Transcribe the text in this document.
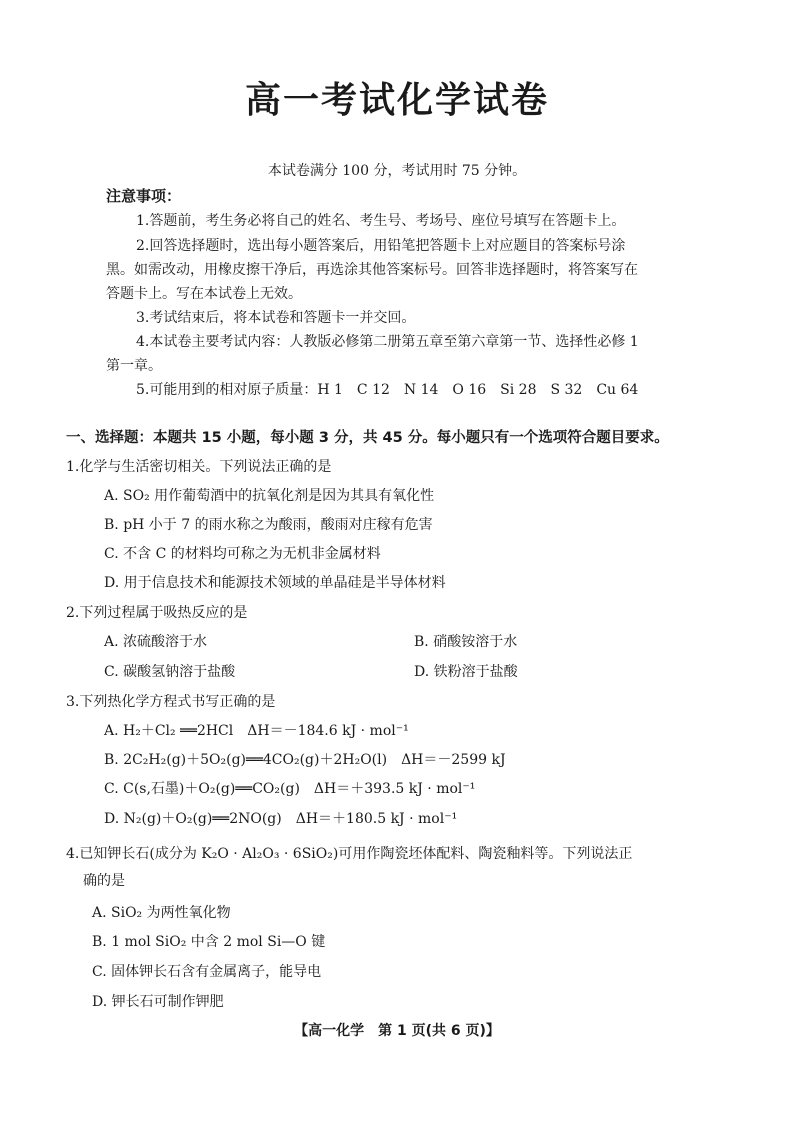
高一考试化学试卷
本试卷满分 100 分，考试用时 75 分钟。
注意事项：
1.答题前，考生务必将自己的姓名、考生号、考场号、座位号填写在答题卡上。
2.回答选择题时，选出每小题答案后，用铅笔把答题卡上对应题目的答案标号涂
黑。如需改动，用橡皮擦干净后，再选涂其他答案标号。回答非选择题时，将答案写在
答题卡上。写在本试卷上无效。
3.考试结束后，将本试卷和答题卡一并交回。
4.本试卷主要考试内容：人教版必修第二册第五章至第六章第一节、选择性必修 1
第一章。
5.可能用到的相对原子质量：H 1　C 12　N 14　O 16　Si 28　S 32　Cu 64
一、选择题：本题共 15 小题，每小题 3 分，共 45 分。每小题只有一个选项符合题目要求。
1.化学与生活密切相关。下列说法正确的是
A. SO₂ 用作葡萄酒中的抗氧化剂是因为其具有氧化性
B. pH 小于 7 的雨水称之为酸雨，酸雨对庄稼有危害
C. 不含 C 的材料均可称之为无机非金属材料
D. 用于信息技术和能源技术领域的单晶硅是半导体材料
2.下列过程属于吸热反应的是
A. 浓硫酸溶于水	B. 硝酸铵溶于水
C. 碳酸氢钠溶于盐酸	D. 铁粉溶于盐酸
3.下列热化学方程式书写正确的是
A. H₂＋Cl₂ ══2HCl　ΔH＝－184.6 kJ · mol⁻¹
B. 2C₂H₂(g)＋5O₂(g)══4CO₂(g)＋2H₂O(l)　ΔH＝－2599 kJ
C. C(s,石墨)＋O₂(g)══CO₂(g)　ΔH＝＋393.5 kJ · mol⁻¹
D. N₂(g)＋O₂(g)══2NO(g)　ΔH＝＋180.5 kJ · mol⁻¹
4.已知钾长石(成分为 K₂O · Al₂O₃ · 6SiO₂)可用作陶瓷坯体配料、陶瓷釉料等。下列说法正
确的是
A. SiO₂ 为两性氧化物
B. 1 mol SiO₂ 中含 2 mol Si—O 键
C. 固体钾长石含有金属离子，能导电
D. 钾长石可制作钾肥
【高一化学　第 1 页(共 6 页)】
